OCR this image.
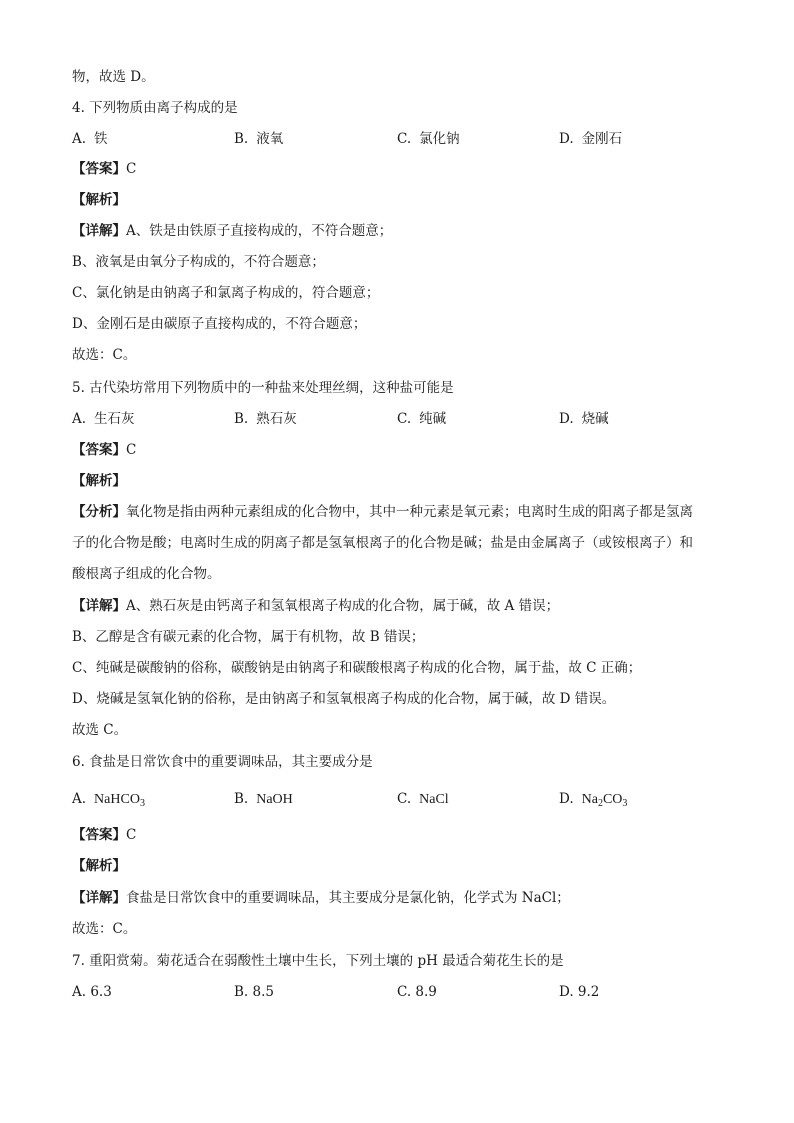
物，故选 D。
4. 下列物质由离子构成的是
A. 铁	B. 液氧	C. 氯化钠	D. 金刚石
【答案】C
【解析】
【详解】A、铁是由铁原子直接构成的，不符合题意；
B、液氧是由氧分子构成的，不符合题意；
C、氯化钠是由钠离子和氯离子构成的，符合题意；
D、金刚石是由碳原子直接构成的，不符合题意；
故选：C。
5. 古代染坊常用下列物质中的一种盐来处理丝绸，这种盐可能是
A. 生石灰	B. 熟石灰	C. 纯碱	D. 烧碱
【答案】C
【解析】
【分析】氧化物是指由两种元素组成的化合物中，其中一种元素是氧元素；电离时生成的阳离子都是氢离
子的化合物是酸；电离时生成的阴离子都是氢氧根离子的化合物是碱；盐是由金属离子（或铵根离子）和
酸根离子组成的化合物。
【详解】A、熟石灰是由钙离子和氢氧根离子构成的化合物，属于碱，故 A 错误；
B、乙醇是含有碳元素的化合物，属于有机物，故 B 错误；
C、纯碱是碳酸钠的俗称，碳酸钠是由钠离子和碳酸根离子构成的化合物，属于盐，故 C 正确；
D、烧碱是氢氧化钠的俗称，是由钠离子和氢氧根离子构成的化合物，属于碱，故 D 错误。
故选 C。
6. 食盐是日常饮食中的重要调味品，其主要成分是
A. NaHCO$_3$	B. NaOH	C. NaCl	D. $Na_2CO_3$
【答案】C
【解析】
【详解】食盐是日常饮食中的重要调味品，其主要成分是氯化钠，化学式为 NaCl；
故选：C。
7. 重阳赏菊。菊花适合在弱酸性土壤中生长，下列土壤的 pH 最适合菊花生长的是
A. 6.3	B. 8.5	C. 8.9	D. 9.2
